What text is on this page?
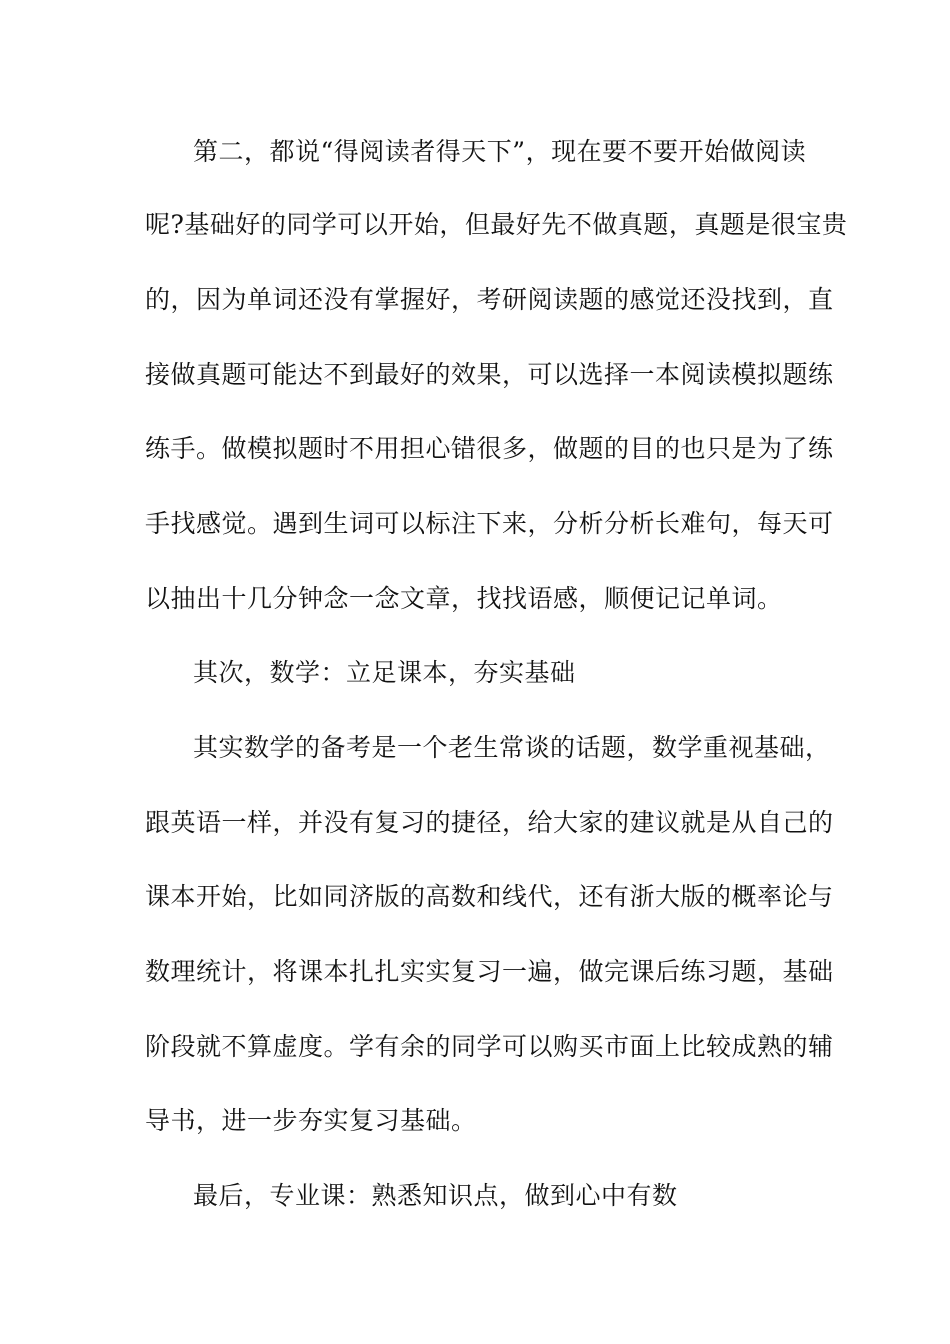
第二，都说“得阅读者得天下”，现在要不要开始做阅读
呢?基础好的同学可以开始，但最好先不做真题，真题是很宝贵
的，因为单词还没有掌握好，考研阅读题的感觉还没找到，直
接做真题可能达不到最好的效果，可以选择一本阅读模拟题练
练手。做模拟题时不用担心错很多，做题的目的也只是为了练
手找感觉。遇到生词可以标注下来，分析分析长难句，每天可
以抽出十几分钟念一念文章，找找语感，顺便记记单词。
其次，数学：立足课本，夯实基础
其实数学的备考是一个老生常谈的话题，数学重视基础，
跟英语一样，并没有复习的捷径，给大家的建议就是从自己的
课本开始，比如同济版的高数和线代，还有浙大版的概率论与
数理统计，将课本扎扎实实复习一遍，做完课后练习题，基础
阶段就不算虚度。学有余的同学可以购买市面上比较成熟的辅
导书，进一步夯实复习基础。
最后，专业课：熟悉知识点，做到心中有数
